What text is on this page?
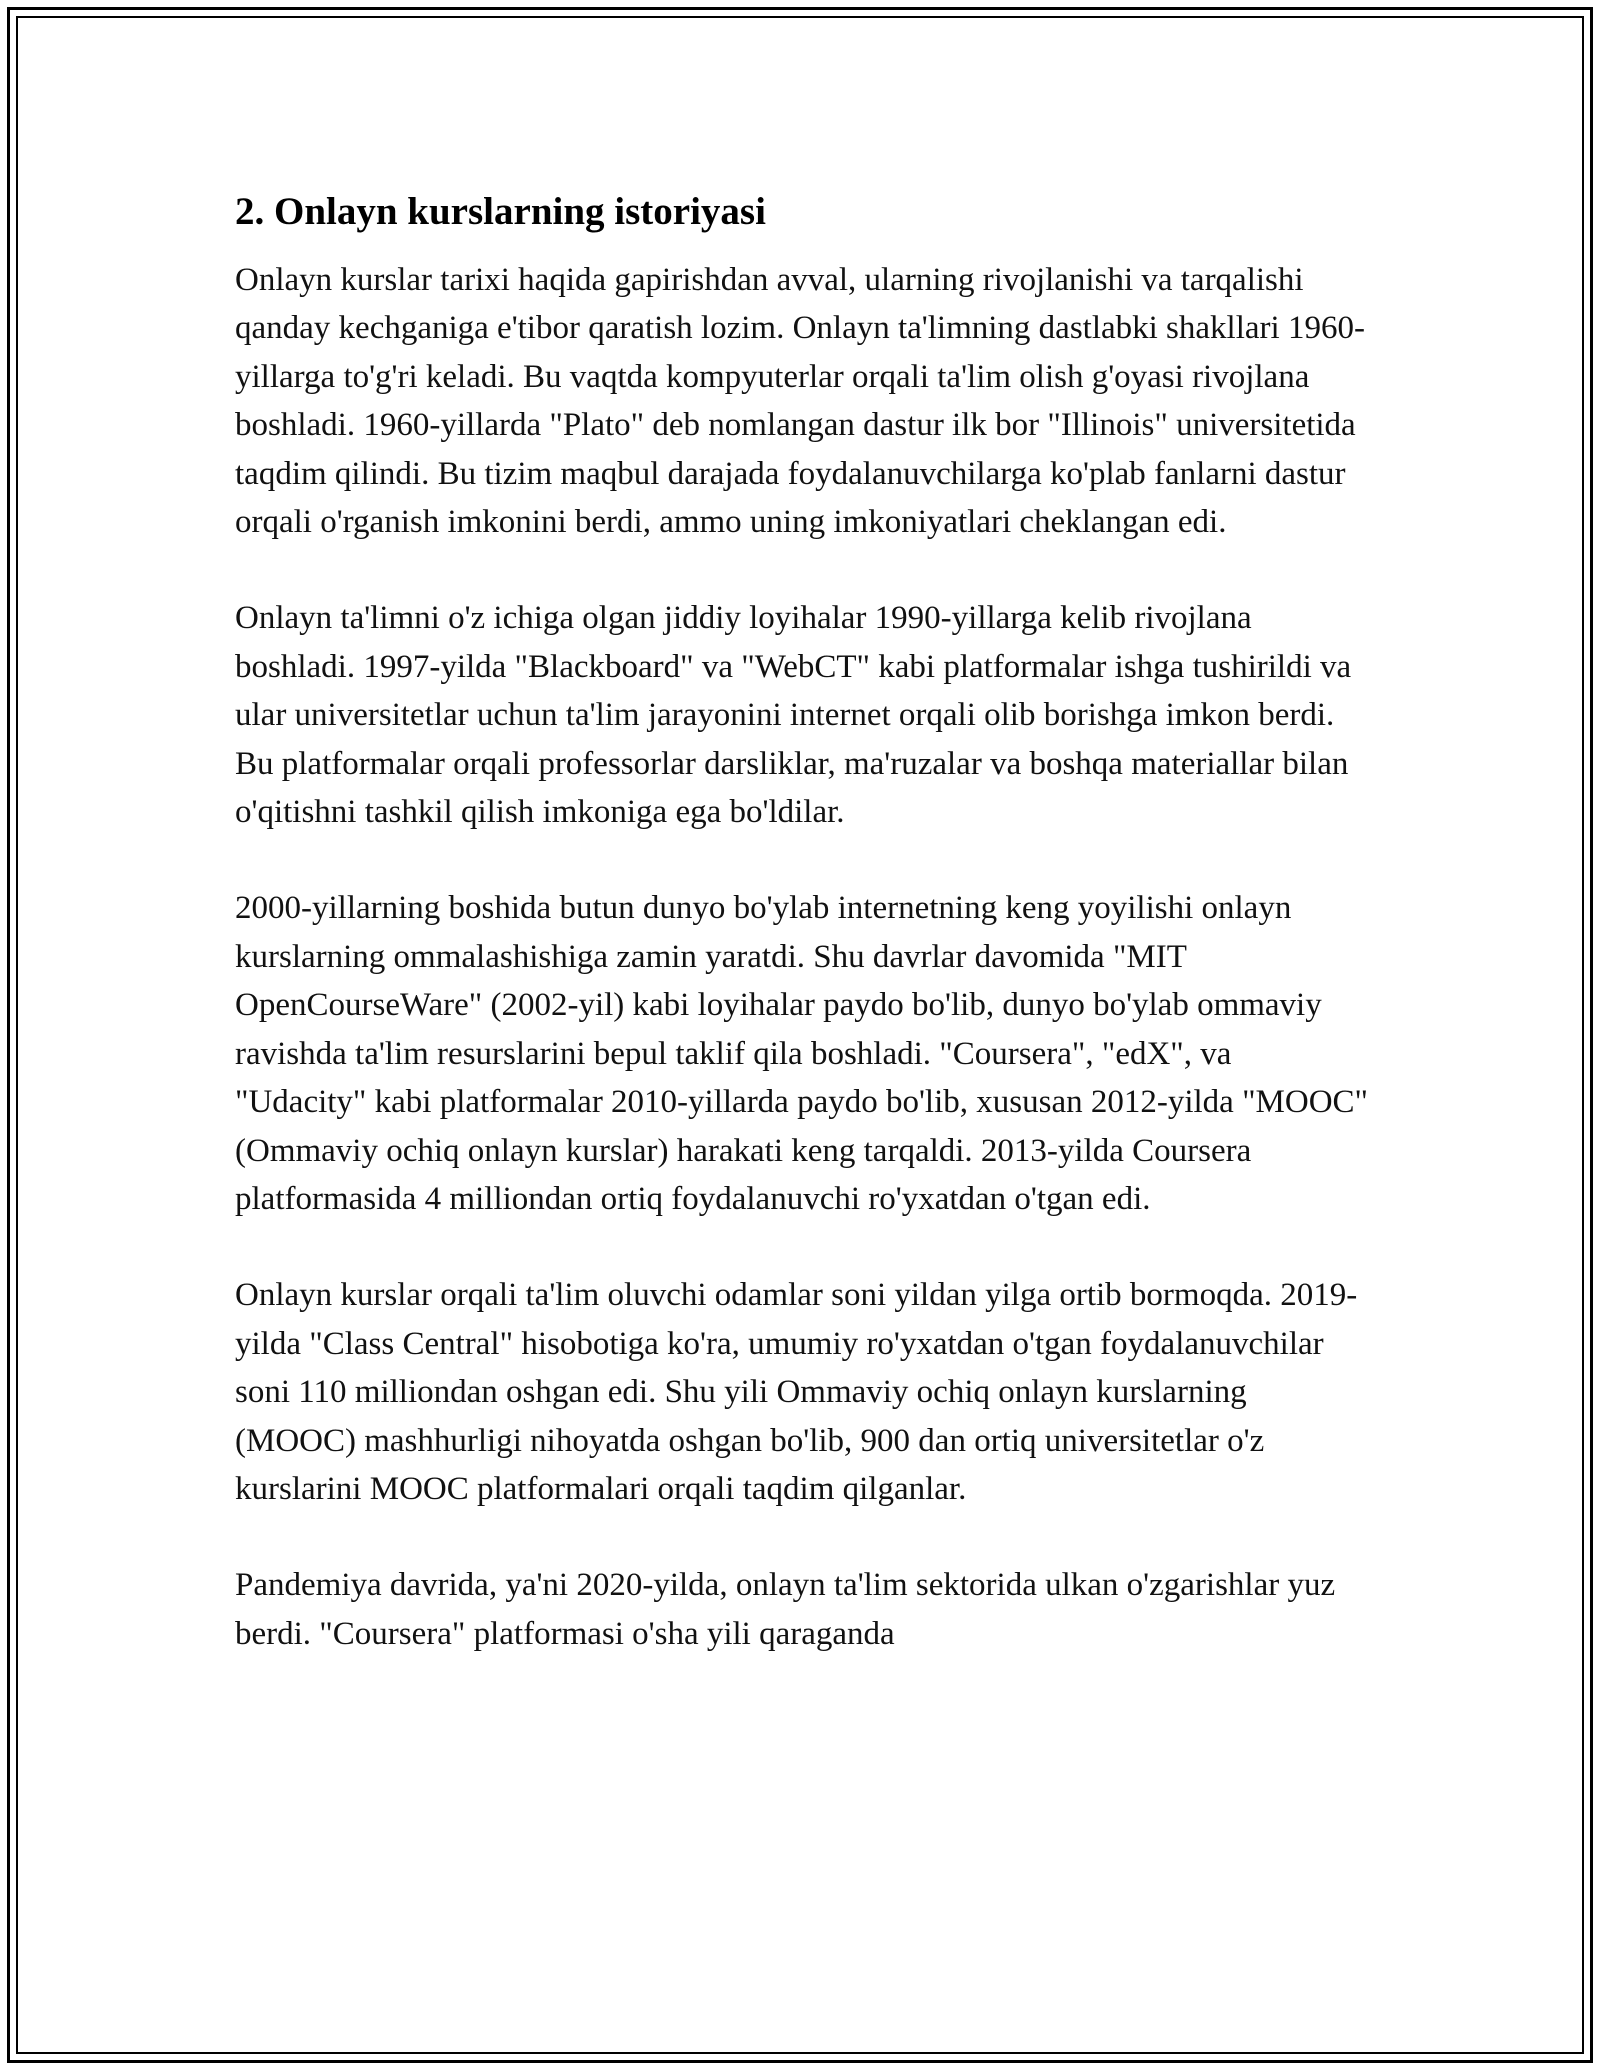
2. Onlayn kurslarning istoriyasi

Onlayn kurslar tarixi haqida gapirishdan avval, ularning rivojlanishi va tarqalishi qanday kechganiga e'tibor qaratish lozim. Onlayn ta'limning dastlabki shakllari 1960-yillarga to'g'ri keladi. Bu vaqtda kompyuterlar orqali ta'lim olish g'oyasi rivojlana boshladi. 1960-yillarda "Plato" deb nomlangan dastur ilk bor "Illinois" universitetida taqdim qilindi. Bu tizim maqbul darajada foydalanuvchilarga ko'plab fanlarni dastur orqali o'rganish imkonini berdi, ammo uning imkoniyatlari cheklangan edi.

Onlayn ta'limni o'z ichiga olgan jiddiy loyihalar 1990-yillarga kelib rivojlana boshladi. 1997-yilda "Blackboard" va "WebCT" kabi platformalar ishga tushirildi va ular universitetlar uchun ta'lim jarayonini internet orqali olib borishga imkon berdi. Bu platformalar orqali professorlar darsliklar, ma'ruzalar va boshqa materiallar bilan o'qitishni tashkil qilish imkoniga ega bo'ldilar.

2000-yillarning boshida butun dunyo bo'ylab internetning keng yoyilishi onlayn kurslarning ommalashishiga zamin yaratdi. Shu davrlar davomida "MIT OpenCourseWare" (2002-yil) kabi loyihalar paydo bo'lib, dunyo bo'ylab ommaviy ravishda ta'lim resurslarini bepul taklif qila boshladi. "Coursera", "edX", va "Udacity" kabi platformalar 2010-yillarda paydo bo'lib, xususan 2012-yilda "MOOC" (Ommaviy ochiq onlayn kurslar) harakati keng tarqaldi. 2013-yilda Coursera platformasida 4 milliondan ortiq foydalanuvchi ro'yxatdan o'tgan edi.

Onlayn kurslar orqali ta'lim oluvchi odamlar soni yildan yilga ortib bormoqda. 2019-yilda "Class Central" hisobotiga ko'ra, umumiy ro'yxatdan o'tgan foydalanuvchilar soni 110 milliondan oshgan edi. Shu yili Ommaviy ochiq onlayn kurslarning (MOOC) mashhurligi nihoyatda oshgan bo'lib, 900 dan ortiq universitetlar o'z kurslarini MOOC platformalari orqali taqdim qilganlar.

Pandemiya davrida, ya'ni 2020-yilda, onlayn ta'lim sektorida ulkan o'zgarishlar yuz berdi. "Coursera" platformasi o'sha yili qaraganda
